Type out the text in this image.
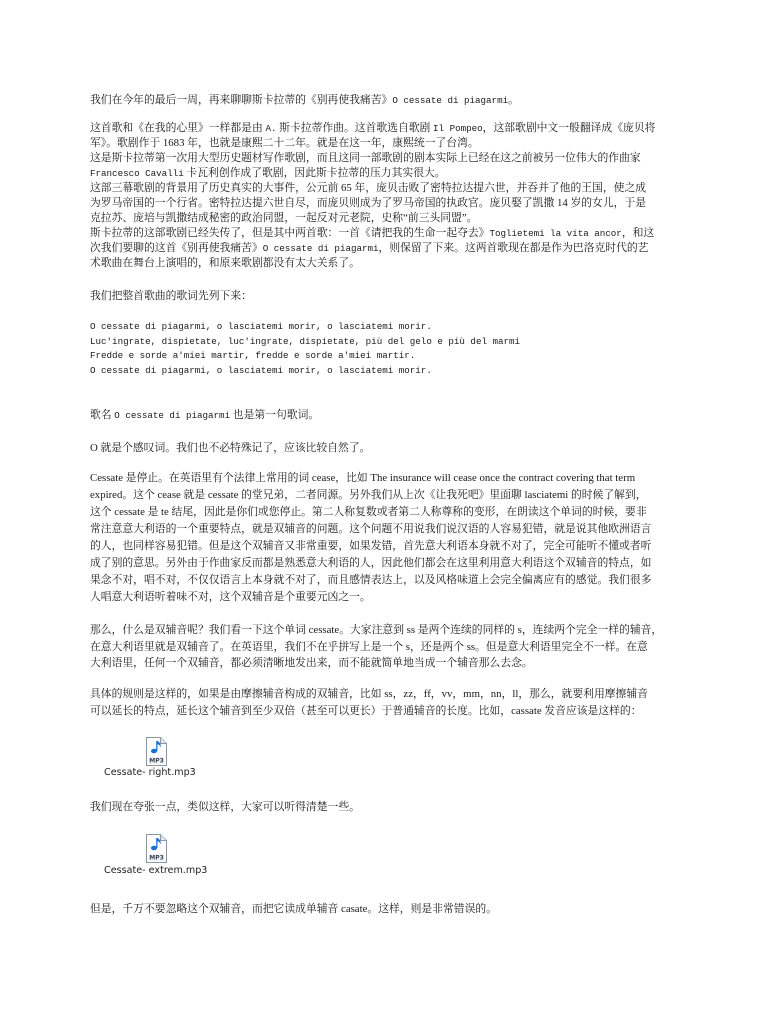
我们在今年的最后一周，再来聊聊斯卡拉蒂的《别再使我痛苦》O cessate di piagarmi。
这首歌和《在我的心里》一样都是由 A. 斯卡拉蒂作曲。这首歌选自歌剧 Il Pompeo，这部歌剧中文一般翻译成《庞贝将
军》。歌剧作于 1683 年，也就是康熙二十二年。就是在这一年，康熙统一了台湾。
这是斯卡拉蒂第一次用大型历史题材写作歌剧，而且这同一部歌剧的剧本实际上已经在这之前被另一位伟大的作曲家
Francesco Cavalli 卡瓦利创作成了歌剧，因此斯卡拉蒂的压力其实很大。
这部三幕歌剧的背景用了历史真实的大事件，公元前 65 年，庞贝击败了密特拉达提六世，并吞并了他的王国，使之成
为罗马帝国的一个行省。密特拉达提六世自尽，而庞贝则成为了罗马帝国的执政官。庞贝娶了凯撒 14 岁的女儿，于是
克拉苏、庞培与凯撒结成秘密的政治同盟，一起反对元老院，史称“前三头同盟”。
斯卡拉蒂的这部歌剧已经失传了，但是其中两首歌：一首《请把我的生命一起夺去》Toglietemi la vita ancor，和这
次我们要聊的这首《别再使我痛苦》O cessate di piagarmi，则保留了下来。这两首歌现在都是作为巴洛克时代的艺
术歌曲在舞台上演唱的，和原来歌剧都没有太大关系了。
我们把整首歌曲的歌词先列下来：
O cessate di piagarmi, o lasciatemi morir, o lasciatemi morir.
Luc'ingrate, dispietate, luc'ingrate, dispietate, più del gelo e più del marmi
Fredde e sorde a'miei martir, fredde e sorde a'miei martir.
O cessate di piagarmi, o lasciatemi morir, o lasciatemi morir.
歌名 O cessate di piagarmi 也是第一句歌词。
O 就是个感叹词。我们也不必特殊记了，应该比较自然了。
Cessate 是停止。在英语里有个法律上常用的词 cease，比如 The insurance will cease once the contract covering that term
expired。这个 cease 就是 cessate 的堂兄弟，二者同源。另外我们从上次《让我死吧》里面聊 lasciatemi 的时候了解到，
这个 cessate 是 te 结尾，因此是你们或您停止。第二人称复数或者第二人称尊称的变形，在朗读这个单词的时候，要非
常注意意大利语的一个重要特点，就是双辅音的问题。这个问题不用说我们说汉语的人容易犯错，就是说其他欧洲语言
的人，也同样容易犯错。但是这个双辅音又非常重要，如果发错，首先意大利语本身就不对了，完全可能听不懂或者听
成了别的意思。另外由于作曲家反而都是熟悉意大利语的人，因此他们都会在这里利用意大利语这个双辅音的特点，如
果念不对，唱不对，不仅仅语言上本身就不对了，而且感情表达上，以及风格味道上会完全偏离应有的感觉。我们很多
人唱意大利语听着味不对，这个双辅音是个重要元凶之一。
那么，什么是双辅音呢？我们看一下这个单词 cessate。大家注意到 ss 是两个连续的同样的 s，连续两个完全一样的辅音，
在意大利语里就是双辅音了。在英语里，我们不在乎拼写上是一个 s，还是两个 ss。但是意大利语里完全不一样。在意
大利语里，任何一个双辅音，都必须清晰地发出来，而不能就简单地当成一个辅音那么去念。
具体的规则是这样的，如果是由摩擦辅音构成的双辅音，比如 ss，zz，ff，vv，mm，nn，ll，那么，就要利用摩擦辅音
可以延长的特点，延长这个辅音到至少双倍（甚至可以更长）于普通辅音的长度。比如，cassate 发音应该是这样的：
MP3
Cessate- right.mp3
我们现在夸张一点，类似这样，大家可以听得清楚一些。
MP3
Cessate- extrem.mp3
但是，千万不要忽略这个双辅音，而把它读成单辅音 casate。这样，则是非常错误的。
